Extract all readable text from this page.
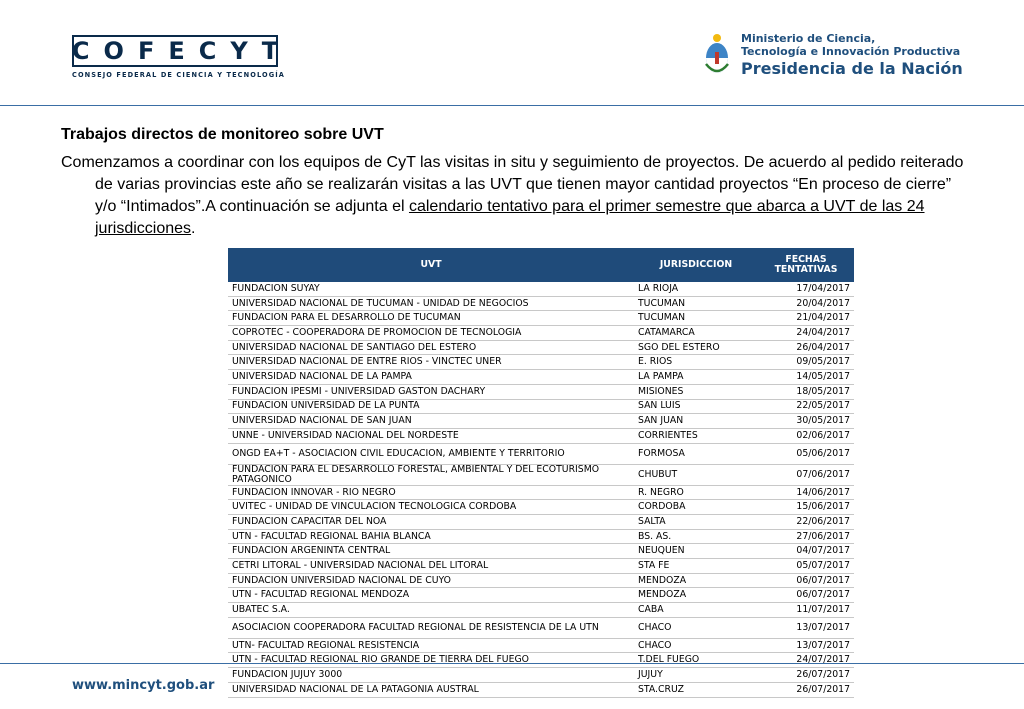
COFECYT
CONSEJO FEDERAL DE CIENCIA Y TECNOLOGÍA
Ministerio de Ciencia,
Tecnología e Innovación Productiva
Presidencia de la Nación
Trabajos directos de monitoreo sobre UVT
Comenzamos a coordinar con los equipos de CyT las visitas in situ y seguimiento de proyectos. De acuerdo al pedido reiterado de varias provincias este año se realizarán visitas a las UVT que tienen mayor cantidad proyectos “En proceso de cierre” y/o “Intimados”.A continuación se adjunta el calendario tentativo para el primer semestre que abarca a UVT de las 24 jurisdicciones.
UVT	JURISDICCION	FECHAS TENTATIVAS
FUNDACION SUYAY	LA RIOJA	17/04/2017
UNIVERSIDAD NACIONAL DE TUCUMAN - UNIDAD DE NEGOCIOS	TUCUMAN	20/04/2017
FUNDACION PARA EL DESARROLLO DE TUCUMAN	TUCUMAN	21/04/2017
COPROTEC - COOPERADORA DE PROMOCION DE TECNOLOGIA	CATAMARCA	24/04/2017
UNIVERSIDAD NACIONAL DE SANTIAGO DEL ESTERO	SGO DEL ESTERO	26/04/2017
UNIVERSIDAD NACIONAL DE ENTRE RIOS - VINCTEC UNER	E. RIOS	09/05/2017
UNIVERSIDAD NACIONAL DE LA PAMPA	LA PAMPA	14/05/2017
FUNDACION IPESMI - UNIVERSIDAD GASTON DACHARY	MISIONES	18/05/2017
FUNDACION UNIVERSIDAD DE LA PUNTA	SAN LUIS	22/05/2017
UNIVERSIDAD NACIONAL DE SAN JUAN	SAN JUAN	30/05/2017
UNNE - UNIVERSIDAD NACIONAL DEL NORDESTE	CORRIENTES	02/06/2017
ONGD EA+T - ASOCIACION CIVIL EDUCACION, AMBIENTE Y TERRITORIO	FORMOSA	05/06/2017
FUNDACION PARA EL DESARROLLO FORESTAL, AMBIENTAL Y DEL ECOTURISMO PATAGONICO	CHUBUT	07/06/2017
FUNDACION INNOVAR - RIO NEGRO	R. NEGRO	14/06/2017
UVITEC - UNIDAD DE VINCULACION TECNOLOGICA CORDOBA	CORDOBA	15/06/2017
FUNDACION CAPACITAR DEL NOA	SALTA	22/06/2017
UTN - FACULTAD REGIONAL BAHIA BLANCA	BS. AS.	27/06/2017
FUNDACION ARGENINTA CENTRAL	NEUQUEN	04/07/2017
CETRI LITORAL - UNIVERSIDAD NACIONAL DEL LITORAL	STA FE	05/07/2017
FUNDACION UNIVERSIDAD NACIONAL DE CUYO	MENDOZA	06/07/2017
UTN - FACULTAD REGIONAL MENDOZA	MENDOZA	06/07/2017
UBATEC S.A.	CABA	11/07/2017
ASOCIACION COOPERADORA FACULTAD REGIONAL DE RESISTENCIA DE LA UTN	CHACO	13/07/2017
UTN- FACULTAD REGIONAL RESISTENCIA	CHACO	13/07/2017
UTN - FACULTAD REGIONAL RIO GRANDE DE TIERRA DEL FUEGO	T.DEL FUEGO	24/07/2017
FUNDACION JUJUY 3000	JUJUY	26/07/2017
UNIVERSIDAD NACIONAL DE LA PATAGONIA AUSTRAL	STA.CRUZ	26/07/2017
www.mincyt.gob.ar
